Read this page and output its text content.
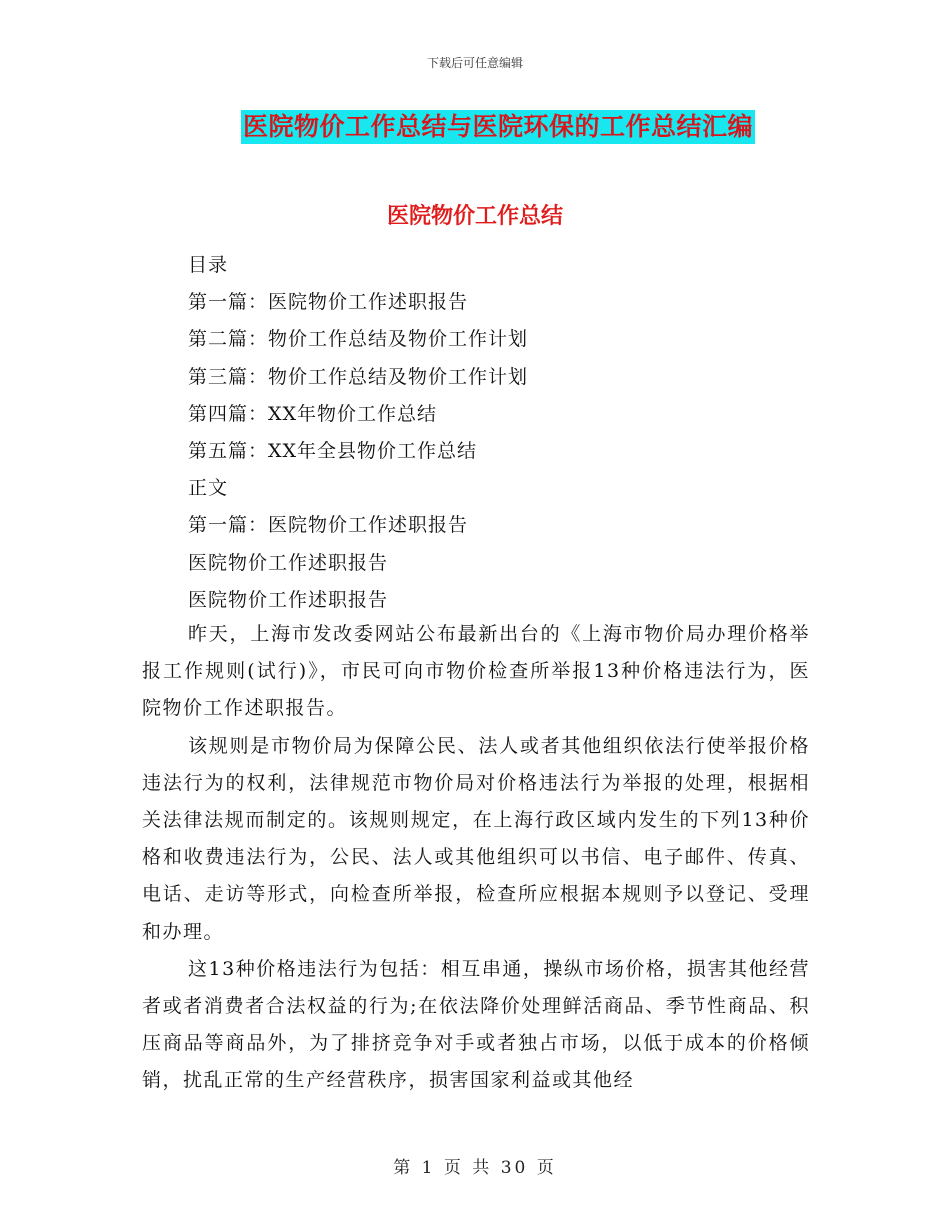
下载后可任意编辑
医院物价工作总结与医院环保的工作总结汇编
医院物价工作总结
目录
第一篇：医院物价工作述职报告
第二篇：物价工作总结及物价工作计划
第三篇：物价工作总结及物价工作计划
第四篇：XX年物价工作总结
第五篇：XX年全县物价工作总结
正文
第一篇：医院物价工作述职报告
医院物价工作述职报告
医院物价工作述职报告

昨天，上海市发改委网站公布最新出台的《上海市物价局办理价格举报工作规则(试行)》，市民可向市物价检查所举报13种价格违法行为，医院物价工作述职报告。

该规则是市物价局为保障公民、法人或者其他组织依法行使举报价格违法行为的权利，法律规范市物价局对价格违法行为举报的处理，根据相关法律法规而制定的。该规则规定，在上海行政区域内发生的下列13种价格和收费违法行为，公民、法人或其他组织可以书信、电子邮件、传真、电话、走访等形式，向检查所举报，检查所应根据本规则予以登记、受理和办理。

这13种价格违法行为包括：相互串通，操纵市场价格，损害其他经营者或者消费者合法权益的行为;在依法降价处理鲜活商品、季节性商品、积压商品等商品外，为了排挤竞争对手或者独占市场，以低于成本的价格倾销，扰乱正常的生产经营秩序，损害国家利益或其他经

第 1 页 共 30 页
